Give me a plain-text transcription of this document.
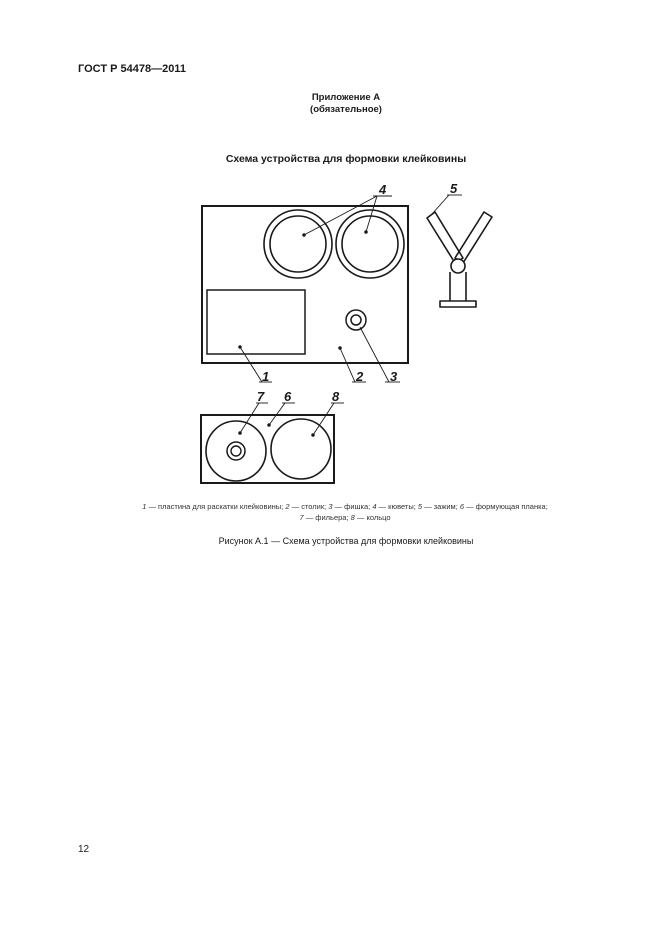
ГОСТ Р 54478—2011
Приложение А
(обязательное)
Схема устройства для формовки клейковины
1	2 3
4	5
6
7	8
1 — пластина для раскатки клейковины; 2 — столик; 3 — фишка; 4 — кюветы; 5 — зажим; 6 — формующая планка;
7 — фильера; 8 — кольцо
Рисунок А.1 — Схема устройства для формовки клейковины
12
